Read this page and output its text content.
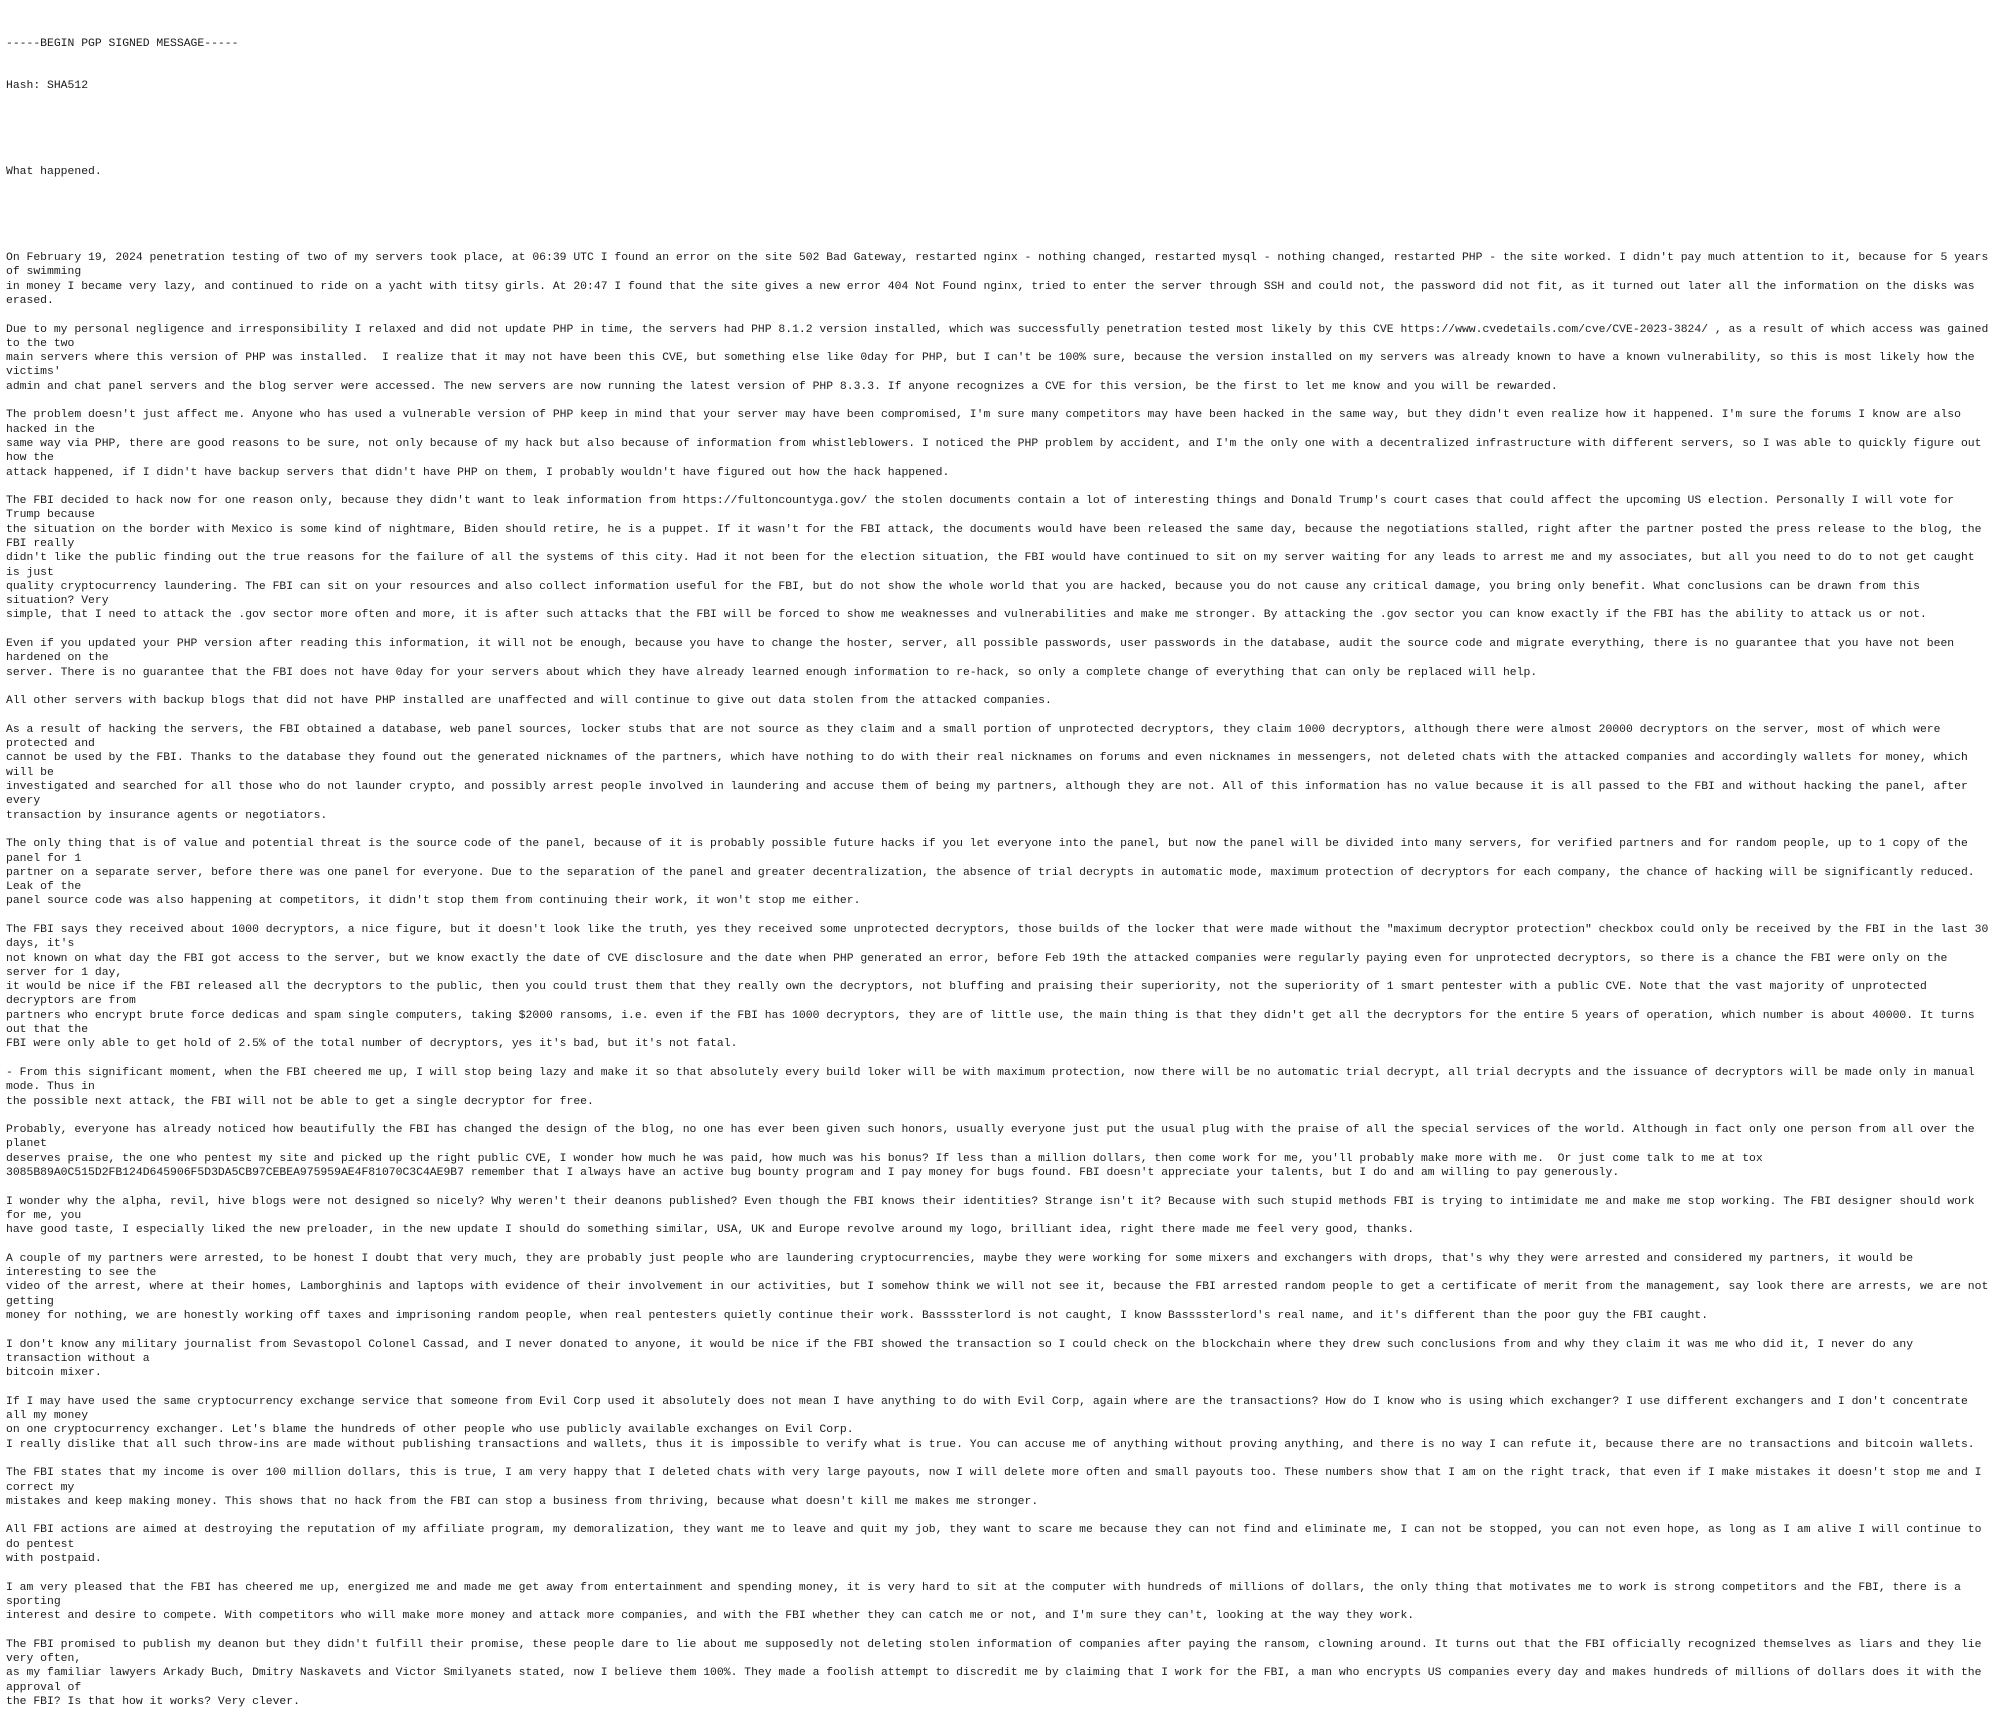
-----BEGIN PGP SIGNED MESSAGE-----

Hash: SHA512

What happened.

On February 19, 2024 penetration testing of two of my servers took place, at 06:39 UTC I found an error on the site 502 Bad Gateway, restarted nginx - nothing changed, restarted mysql - nothing changed, restarted PHP - the site worked. I didn't pay much attention to it, because for 5 years of swimming
in money I became very lazy, and continued to ride on a yacht with titsy girls. At 20:47 I found that the site gives a new error 404 Not Found nginx, tried to enter the server through SSH and could not, the password did not fit, as it turned out later all the information on the disks was erased.
Due to my personal negligence and irresponsibility I relaxed and did not update PHP in time, the servers had PHP 8.1.2 version installed, which was successfully penetration tested most likely by this CVE https://www.cvedetails.com/cve/CVE-2023-3824/ , as a result of which access was gained to the two
main servers where this version of PHP was installed.  I realize that it may not have been this CVE, but something else like 0day for PHP, but I can't be 100% sure, because the version installed on my servers was already known to have a known vulnerability, so this is most likely how the victims'
admin and chat panel servers and the blog server were accessed. The new servers are now running the latest version of PHP 8.3.3. If anyone recognizes a CVE for this version, be the first to let me know and you will be rewarded.
The problem doesn't just affect me. Anyone who has used a vulnerable version of PHP keep in mind that your server may have been compromised, I'm sure many competitors may have been hacked in the same way, but they didn't even realize how it happened. I'm sure the forums I know are also hacked in the
same way via PHP, there are good reasons to be sure, not only because of my hack but also because of information from whistleblowers. I noticed the PHP problem by accident, and I'm the only one with a decentralized infrastructure with different servers, so I was able to quickly figure out how the
attack happened, if I didn't have backup servers that didn't have PHP on them, I probably wouldn't have figured out how the hack happened.
The FBI decided to hack now for one reason only, because they didn't want to leak information from https://fultoncountyga.gov/ the stolen documents contain a lot of interesting things and Donald Trump's court cases that could affect the upcoming US election. Personally I will vote for Trump because
the situation on the border with Mexico is some kind of nightmare, Biden should retire, he is a puppet. If it wasn't for the FBI attack, the documents would have been released the same day, because the negotiations stalled, right after the partner posted the press release to the blog, the FBI really
didn't like the public finding out the true reasons for the failure of all the systems of this city. Had it not been for the election situation, the FBI would have continued to sit on my server waiting for any leads to arrest me and my associates, but all you need to do to not get caught is just
quality cryptocurrency laundering. The FBI can sit on your resources and also collect information useful for the FBI, but do not show the whole world that you are hacked, because you do not cause any critical damage, you bring only benefit. What conclusions can be drawn from this situation? Very
simple, that I need to attack the .gov sector more often and more, it is after such attacks that the FBI will be forced to show me weaknesses and vulnerabilities and make me stronger. By attacking the .gov sector you can know exactly if the FBI has the ability to attack us or not.
Even if you updated your PHP version after reading this information, it will not be enough, because you have to change the hoster, server, all possible passwords, user passwords in the database, audit the source code and migrate everything, there is no guarantee that you have not been hardened on the
server. There is no guarantee that the FBI does not have 0day for your servers about which they have already learned enough information to re-hack, so only a complete change of everything that can only be replaced will help.
All other servers with backup blogs that did not have PHP installed are unaffected and will continue to give out data stolen from the attacked companies.
As a result of hacking the servers, the FBI obtained a database, web panel sources, locker stubs that are not source as they claim and a small portion of unprotected decryptors, they claim 1000 decryptors, although there were almost 20000 decryptors on the server, most of which were protected and
cannot be used by the FBI. Thanks to the database they found out the generated nicknames of the partners, which have nothing to do with their real nicknames on forums and even nicknames in messengers, not deleted chats with the attacked companies and accordingly wallets for money, which will be
investigated and searched for all those who do not launder crypto, and possibly arrest people involved in laundering and accuse them of being my partners, although they are not. All of this information has no value because it is all passed to the FBI and without hacking the panel, after every
transaction by insurance agents or negotiators.
The only thing that is of value and potential threat is the source code of the panel, because of it is probably possible future hacks if you let everyone into the panel, but now the panel will be divided into many servers, for verified partners and for random people, up to 1 copy of the panel for 1
partner on a separate server, before there was one panel for everyone. Due to the separation of the panel and greater decentralization, the absence of trial decrypts in automatic mode, maximum protection of decryptors for each company, the chance of hacking will be significantly reduced. Leak of the
panel source code was also happening at competitors, it didn't stop them from continuing their work, it won't stop me either.
The FBI says they received about 1000 decryptors, a nice figure, but it doesn't look like the truth, yes they received some unprotected decryptors, those builds of the locker that were made without the "maximum decryptor protection" checkbox could only be received by the FBI in the last 30 days, it's
not known on what day the FBI got access to the server, but we know exactly the date of CVE disclosure and the date when PHP generated an error, before Feb 19th the attacked companies were regularly paying even for unprotected decryptors, so there is a chance the FBI were only on the server for 1 day,
it would be nice if the FBI released all the decryptors to the public, then you could trust them that they really own the decryptors, not bluffing and praising their superiority, not the superiority of 1 smart pentester with a public CVE. Note that the vast majority of unprotected decryptors are from
partners who encrypt brute force dedicas and spam single computers, taking $2000 ransoms, i.e. even if the FBI has 1000 decryptors, they are of little use, the main thing is that they didn't get all the decryptors for the entire 5 years of operation, which number is about 40000. It turns out that the
FBI were only able to get hold of 2.5% of the total number of decryptors, yes it's bad, but it's not fatal.
- From this significant moment, when the FBI cheered me up, I will stop being lazy and make it so that absolutely every build loker will be with maximum protection, now there will be no automatic trial decrypt, all trial decrypts and the issuance of decryptors will be made only in manual mode. Thus in
the possible next attack, the FBI will not be able to get a single decryptor for free.
Probably, everyone has already noticed how beautifully the FBI has changed the design of the blog, no one has ever been given such honors, usually everyone just put the usual plug with the praise of all the special services of the world. Although in fact only one person from all over the planet
deserves praise, the one who pentest my site and picked up the right public CVE, I wonder how much he was paid, how much was his bonus? If less than a million dollars, then come work for me, you'll probably make more with me.  Or just come talk to me at tox
3085B89A0C515D2FB124D645906F5D3DA5CB97CEBEA975959AE4F81070C3C4AE9B7 remember that I always have an active bug bounty program and I pay money for bugs found. FBI doesn't appreciate your talents, but I do and am willing to pay generously.
I wonder why the alpha, revil, hive blogs were not designed so nicely? Why weren't their deanons published? Even though the FBI knows their identities? Strange isn't it? Because with such stupid methods FBI is trying to intimidate me and make me stop working. The FBI designer should work for me, you
have good taste, I especially liked the new preloader, in the new update I should do something similar, USA, UK and Europe revolve around my logo, brilliant idea, right there made me feel very good, thanks.
A couple of my partners were arrested, to be honest I doubt that very much, they are probably just people who are laundering cryptocurrencies, maybe they were working for some mixers and exchangers with drops, that's why they were arrested and considered my partners, it would be interesting to see the
video of the arrest, where at their homes, Lamborghinis and laptops with evidence of their involvement in our activities, but I somehow think we will not see it, because the FBI arrested random people to get a certificate of merit from the management, say look there are arrests, we are not getting
money for nothing, we are honestly working off taxes and imprisoning random people, when real pentesters quietly continue their work. Bassssterlord is not caught, I know Bassssterlord's real name, and it's different than the poor guy the FBI caught.
I don't know any military journalist from Sevastopol Colonel Cassad, and I never donated to anyone, it would be nice if the FBI showed the transaction so I could check on the blockchain where they drew such conclusions from and why they claim it was me who did it, I never do any transaction without a
bitcoin mixer.
If I may have used the same cryptocurrency exchange service that someone from Evil Corp used it absolutely does not mean I have anything to do with Evil Corp, again where are the transactions? How do I know who is using which exchanger? I use different exchangers and I don't concentrate all my money
on one cryptocurrency exchanger. Let's blame the hundreds of other people who use publicly available exchanges on Evil Corp.
I really dislike that all such throw-ins are made without publishing transactions and wallets, thus it is impossible to verify what is true. You can accuse me of anything without proving anything, and there is no way I can refute it, because there are no transactions and bitcoin wallets.
The FBI states that my income is over 100 million dollars, this is true, I am very happy that I deleted chats with very large payouts, now I will delete more often and small payouts too. These numbers show that I am on the right track, that even if I make mistakes it doesn't stop me and I correct my
mistakes and keep making money. This shows that no hack from the FBI can stop a business from thriving, because what doesn't kill me makes me stronger.
All FBI actions are aimed at destroying the reputation of my affiliate program, my demoralization, they want me to leave and quit my job, they want to scare me because they can not find and eliminate me, I can not be stopped, you can not even hope, as long as I am alive I will continue to do pentest
with postpaid.
I am very pleased that the FBI has cheered me up, energized me and made me get away from entertainment and spending money, it is very hard to sit at the computer with hundreds of millions of dollars, the only thing that motivates me to work is strong competitors and the FBI, there is a sporting
interest and desire to compete. With competitors who will make more money and attack more companies, and with the FBI whether they can catch me or not, and I'm sure they can't, looking at the way they work.
The FBI promised to publish my deanon but they didn't fulfill their promise, these people dare to lie about me supposedly not deleting stolen information of companies after paying the ransom, clowning around. It turns out that the FBI officially recognized themselves as liars and they lie very often,
as my familiar lawyers Arkady Buch, Dmitry Naskavets and Victor Smilyanets stated, now I believe them 100%. They made a foolish attempt to discredit me by claiming that I work for the FBI, a man who encrypts US companies every day and makes hundreds of millions of dollars does it with the approval of
the FBI? Is that how it works? Very clever.
